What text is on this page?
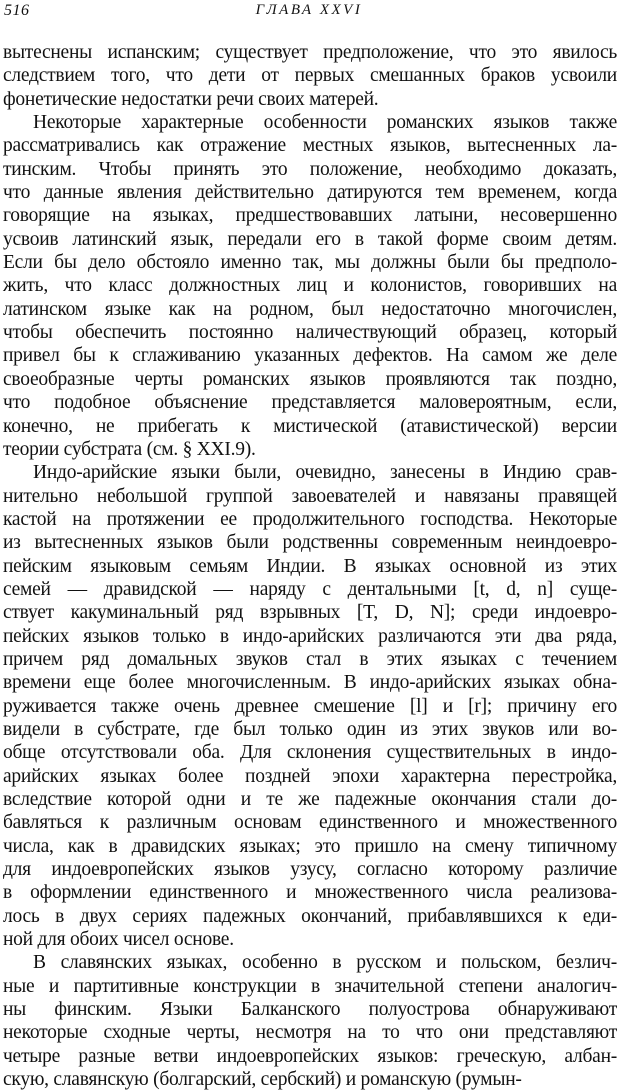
516	ГЛАВА XXVI
вытеснены испанским; существует предположение, что это явилось
следствием того, что дети от первых смешанных браков усвоили
фонетические недостатки речи своих матерей.
Некоторые характерные особенности романских языков также
рассматривались как отражение местных языков, вытесненных ла-
тинским. Чтобы принять это положение, необходимо доказать,
что данные явления действительно датируются тем временем, когда
говорящие на языках, предшествовавших латыни, несовершенно
усвоив латинский язык, передали его в такой форме своим детям.
Если бы дело обстояло именно так, мы должны были бы предполо-
жить, что класс должностных лиц и колонистов, говоривших на
латинском языке как на родном, был недостаточно многочислен,
чтобы обеспечить постоянно наличествующий образец, который
привел бы к сглаживанию указанных дефектов. На самом же деле
своеобразные черты романских языков проявляются так поздно,
что подобное объяснение представляется маловероятным, если,
конечно, не прибегать к мистической (атавистической) версии
теории субстрата (см. § XXI.9).
Индо-арийские языки были, очевидно, занесены в Индию срав-
нительно небольшой группой завоевателей и навязаны правящей
кастой на протяжении ее продолжительного господства. Некоторые
из вытесненных языков были родственны современным неиндоевро-
пейским языковым семьям Индии. В языках основной из этих
семей — дравидской — наряду с дентальными [t, d, n] суще-
ствует какуминальный ряд взрывных [T, D, N]; среди индоевро-
пейских языков только в индо-арийских различаются эти два ряда,
причем ряд домальных звуков стал в этих языках с течением
времени еще более многочисленным. В индо-арийских языках обна-
руживается также очень древнее смешение [l] и [r]; причину его
видели в субстрате, где был только один из этих звуков или во-
обще отсутствовали оба. Для склонения существительных в индо-
арийских языках более поздней эпохи характерна перестройка,
вследствие которой одни и те же падежные окончания стали до-
бавляться к различным основам единственного и множественного
числа, как в дравидских языках; это пришло на смену типичному
для индоевропейских языков узусу, согласно которому различие
в оформлении единственного и множественного числа реализова-
лось в двух сериях падежных окончаний, прибавлявшихся к еди-
ной для обоих чисел основе.
В славянских языках, особенно в русском и польском, безлич-
ные и партитивные конструкции в значительной степени аналогич-
ны финским. Языки Балканского полуострова обнаруживают
некоторые сходные черты, несмотря на то что они представляют
четыре разные ветви индоевропейских языков: греческую, албан-
скую, славянскую (болгарский, сербский) и романскую (румын-
